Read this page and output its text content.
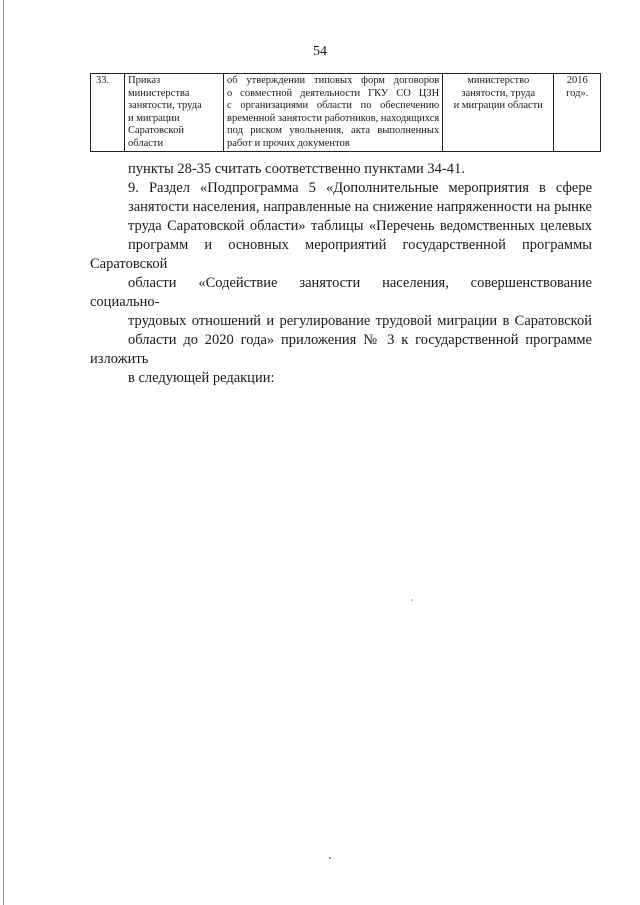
54
33.	Приказ
министерства
занятости, труда
и миграции
Саратовской
области

об утверждении типовых форм договоров
о совместной деятельности ГКУ СО ЦЗН
с организациями области по обеспечению
временной занятости работников, находящихся
под риском увольнения, акта выполненных
работ и прочих документов

министерство
занятости, труда
и миграции области

2016
год».

пункты 28-35 считать соответственно пунктами 34-41.

9. Раздел «Подпрограмма 5 «Дополнительные мероприятия в сфере
занятости населения, направленные на снижение напряженности на рынке
труда Саратовской области» таблицы «Перечень ведомственных целевых
программ и основных мероприятий государственной программы Саратовской
области «Содействие занятости населения, совершенствование социально-
трудовых отношений и регулирование трудовой миграции в Саратовской
области до 2020 года» приложения № 3 к государственной программе изложить
в следующей редакции:
